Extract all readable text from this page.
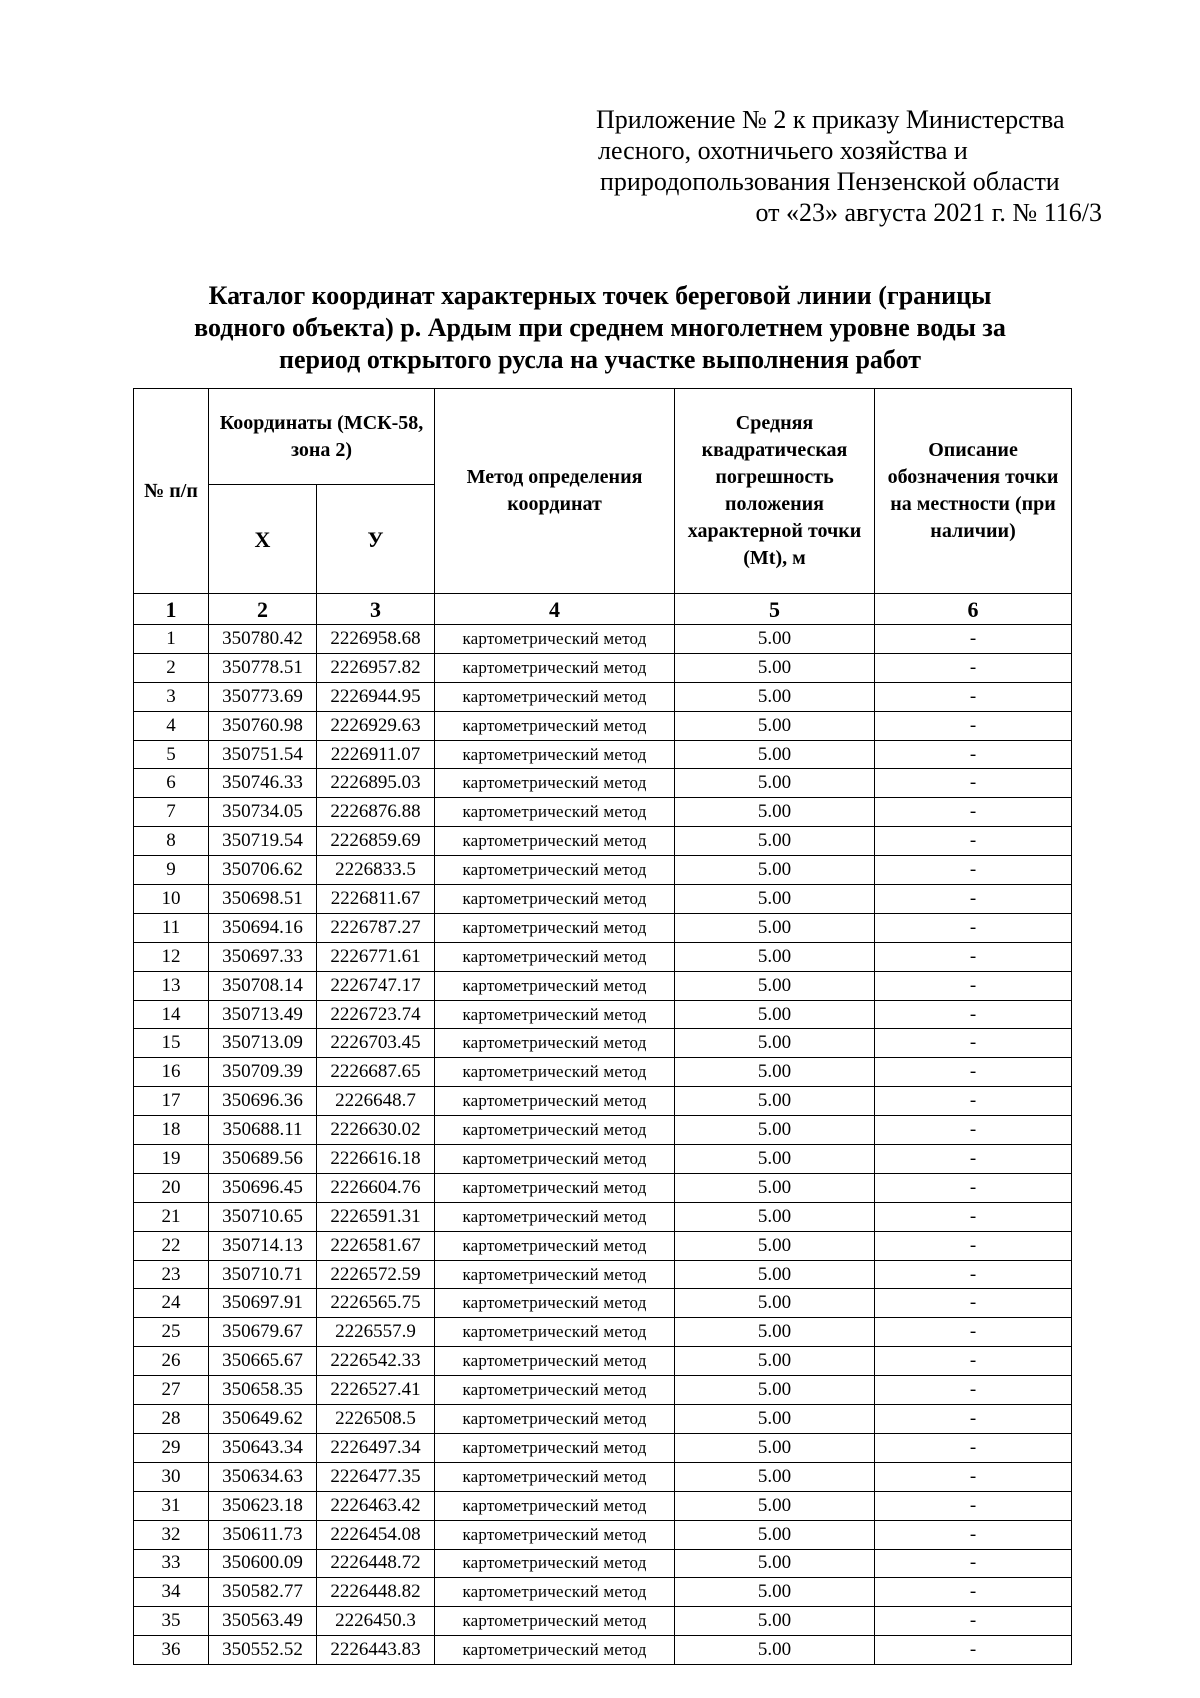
Приложение № 2 к приказу Министерства
лесного, охотничьего хозяйства и
природопользования Пензенской области
от «23» августа 2021 г. № 116/3
Каталог координат характерных точек береговой линии (границы
водного объекта) р. Ардым при среднем многолетнем уровне воды за
период открытого русла на участке выполнения работ
№ п/п	Координаты (МСК-58, зона 2)		Метод определения координат	Средняя квадратическая погрешность положения характерной точки (Mt), м	Описание обозначения точки на местности (при наличии)
	Х	У			
1	2	3	4	5	6
1	350780.42	2226958.68	картометрический метод	5.00	-
2	350778.51	2226957.82	картометрический метод	5.00	-
3	350773.69	2226944.95	картометрический метод	5.00	-
4	350760.98	2226929.63	картометрический метод	5.00	-
5	350751.54	2226911.07	картометрический метод	5.00	-
6	350746.33	2226895.03	картометрический метод	5.00	-
7	350734.05	2226876.88	картометрический метод	5.00	-
8	350719.54	2226859.69	картометрический метод	5.00	-
9	350706.62	2226833.5	картометрический метод	5.00	-
10	350698.51	2226811.67	картометрический метод	5.00	-
11	350694.16	2226787.27	картометрический метод	5.00	-
12	350697.33	2226771.61	картометрический метод	5.00	-
13	350708.14	2226747.17	картометрический метод	5.00	-
14	350713.49	2226723.74	картометрический метод	5.00	-
15	350713.09	2226703.45	картометрический метод	5.00	-
16	350709.39	2226687.65	картометрический метод	5.00	-
17	350696.36	2226648.7	картометрический метод	5.00	-
18	350688.11	2226630.02	картометрический метод	5.00	-
19	350689.56	2226616.18	картометрический метод	5.00	-
20	350696.45	2226604.76	картометрический метод	5.00	-
21	350710.65	2226591.31	картометрический метод	5.00	-
22	350714.13	2226581.67	картометрический метод	5.00	-
23	350710.71	2226572.59	картометрический метод	5.00	-
24	350697.91	2226565.75	картометрический метод	5.00	-
25	350679.67	2226557.9	картометрический метод	5.00	-
26	350665.67	2226542.33	картометрический метод	5.00	-
27	350658.35	2226527.41	картометрический метод	5.00	-
28	350649.62	2226508.5	картометрический метод	5.00	-
29	350643.34	2226497.34	картометрический метод	5.00	-
30	350634.63	2226477.35	картометрический метод	5.00	-
31	350623.18	2226463.42	картометрический метод	5.00	-
32	350611.73	2226454.08	картометрический метод	5.00	-
33	350600.09	2226448.72	картометрический метод	5.00	-
34	350582.77	2226448.82	картометрический метод	5.00	-
35	350563.49	2226450.3	картометрический метод	5.00	-
36	350552.52	2226443.83	картометрический метод	5.00	-
